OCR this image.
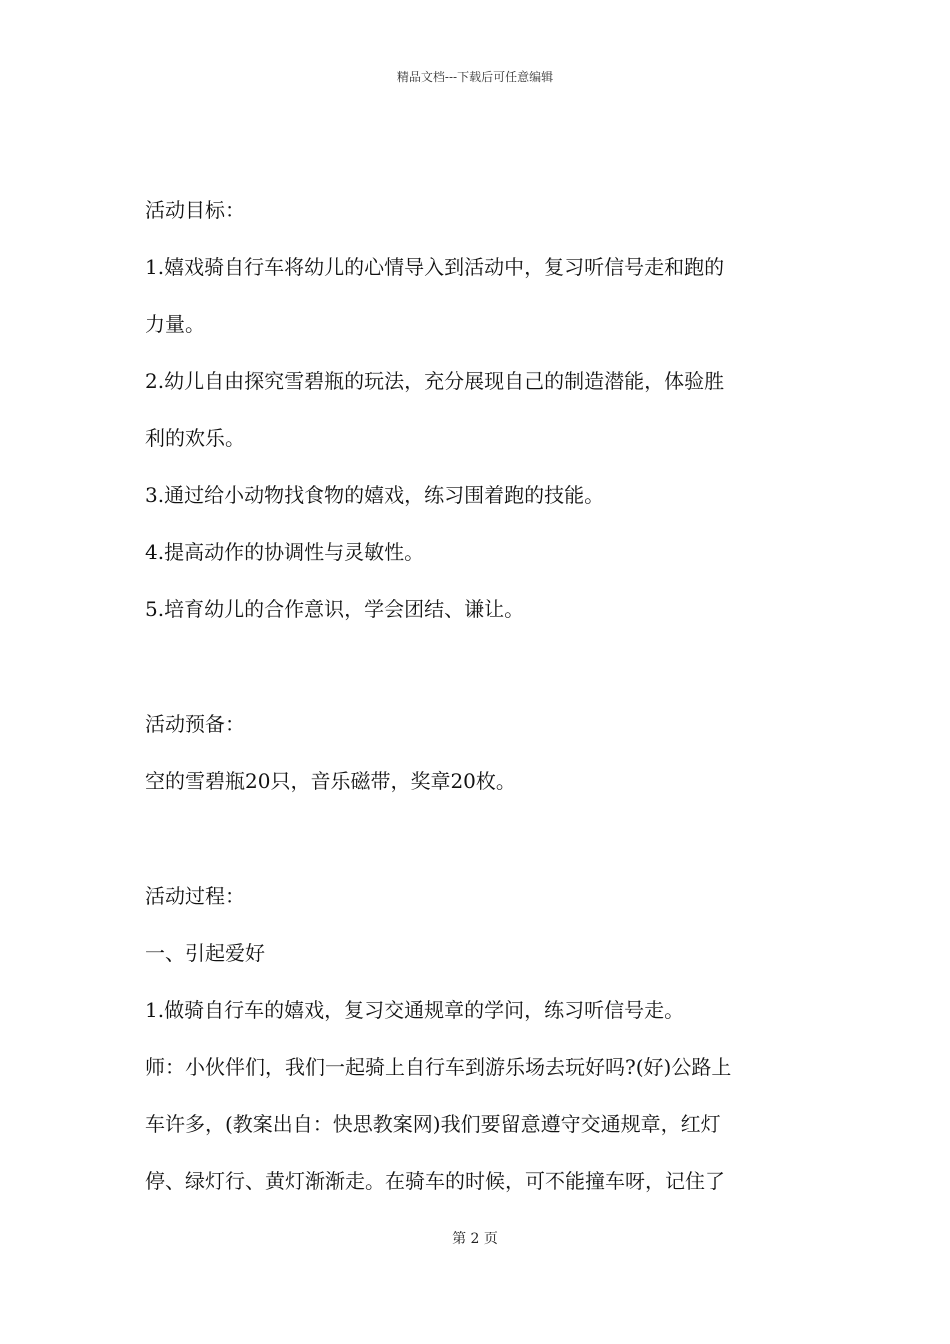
精品文档---下载后可任意编辑
活动目标：
1.嬉戏骑自行车将幼儿的心情导入到活动中，复习听信号走和跑的
力量。
2.幼儿自由探究雪碧瓶的玩法，充分展现自己的制造潜能，体验胜
利的欢乐。
3.通过给小动物找食物的嬉戏，练习围着跑的技能。
4.提高动作的协调性与灵敏性。
5.培育幼儿的合作意识，学会团结、谦让。
活动预备：
空的雪碧瓶20只，音乐磁带，奖章20枚。
活动过程：
一、引起爱好
1.做骑自行车的嬉戏，复习交通规章的学问，练习听信号走。
师：小伙伴们，我们一起骑上自行车到游乐场去玩好吗?(好)公路上
车许多，(教案出自：快思教案网)我们要留意遵守交通规章，红灯
停、绿灯行、黄灯渐渐走。在骑车的时候，可不能撞车呀，记住了
第 2 页
